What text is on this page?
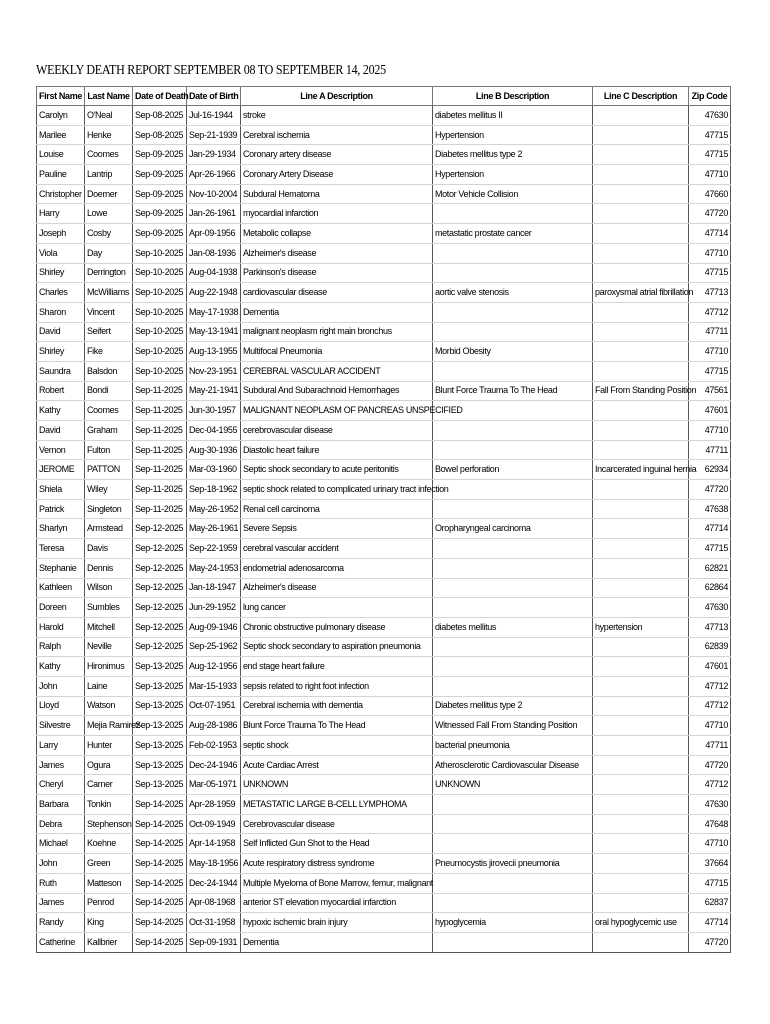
WEEKLY DEATH REPORT SEPTEMBER 08 TO SEPTEMBER 14, 2025
First Name	Last Name	Date of Death	Date of Birth	Line A Description	Line B Description	Line C Description	Zip Code
Carolyn	O'Neal	Sep-08-2025	Jul-16-1944	stroke	diabetes mellitus II		47630
Marilee	Henke	Sep-08-2025	Sep-21-1939	Cerebral ischemia	Hypertension		47715
Louise	Coomes	Sep-09-2025	Jan-29-1934	Coronary artery disease	Diabetes mellitus type 2		47715
Pauline	Lantrip	Sep-09-2025	Apr-26-1966	Coronary Artery Disease	Hypertension		47710
Christopher	Doerner	Sep-09-2025	Nov-10-2004	Subdural Hematoma	Motor Vehicle Collision		47660
Harry	Lowe	Sep-09-2025	Jan-26-1961	myocardial infarction			47720
Joseph	Cosby	Sep-09-2025	Apr-09-1956	Metabolic collapse	metastatic prostate cancer		47714
Viola	Day	Sep-10-2025	Jan-08-1936	Alzheimer's disease			47710
Shirley	Derrington	Sep-10-2025	Aug-04-1938	Parkinson's disease			47715
Charles	McWilliams	Sep-10-2025	Aug-22-1948	cardiovascular disease	aortic valve stenosis	paroxysmal atrial fibrillation	47713
Sharon	Vincent	Sep-10-2025	May-17-1938	Dementia			47712
David	Seifert	Sep-10-2025	May-13-1941	malignant neoplasm right main bronchus			47711
Shirley	Fike	Sep-10-2025	Aug-13-1955	Multifocal Pneumonia	Morbid Obesity		47710
Saundra	Balsdon	Sep-10-2025	Nov-23-1951	CEREBRAL VASCULAR ACCIDENT			47715
Robert	Bondi	Sep-11-2025	May-21-1941	Subdural And Subarachnoid Hemorrhages	Blunt Force Trauma To The Head	Fall From Standing Position	47561
Kathy	Coomes	Sep-11-2025	Jun-30-1957	MALIGNANT NEOPLASM OF PANCREAS UNSPECIFIED			47601
David	Graham	Sep-11-2025	Dec-04-1955	cerebrovascular disease			47710
Vernon	Fulton	Sep-11-2025	Aug-30-1936	Diastolic heart failure			47711
JEROME	PATTON	Sep-11-2025	Mar-03-1960	Septic shock secondary to acute peritonitis	Bowel perforation	Incarcerated inguinal hernia	62934
Shiela	Wiley	Sep-11-2025	Sep-18-1962	septic shock related to complicated urinary tract infection			47720
Patrick	Singleton	Sep-11-2025	May-26-1952	Renal cell carcinoma			47638
Sharlyn	Armstead	Sep-12-2025	May-26-1961	Severe Sepsis	Oropharyngeal carcinoma		47714
Teresa	Davis	Sep-12-2025	Sep-22-1959	cerebral vascular accident			47715
Stephanie	Dennis	Sep-12-2025	May-24-1953	endometrial adenosarcoma			62821
Kathleen	Wilson	Sep-12-2025	Jan-18-1947	Alzheimer's disease			62864
Doreen	Sumbles	Sep-12-2025	Jun-29-1952	lung cancer			47630
Harold	Mitchell	Sep-12-2025	Aug-09-1946	Chronic obstructive pulmonary disease	diabetes mellitus	hypertension	47713
Ralph	Neville	Sep-12-2025	Sep-25-1962	Septic shock secondary to aspiration pneumonia			62839
Kathy	Hironimus	Sep-13-2025	Aug-12-1956	end stage heart failure			47601
John	Laine	Sep-13-2025	Mar-15-1933	sepsis related to right foot infection			47712
Lloyd	Watson	Sep-13-2025	Oct-07-1951	Cerebral ischemia with dementia	Diabetes mellitus type 2		47712
Silvestre	Mejia Ramirez	Sep-13-2025	Aug-28-1986	Blunt Force Trauma To The Head	Witnessed Fall From Standing Position		47710
Larry	Hunter	Sep-13-2025	Feb-02-1953	septic shock	bacterial pneumonia		47711
James	Ogura	Sep-13-2025	Dec-24-1946	Acute Cardiac Arrest	Atherosclerotic Cardiovascular Disease		47720
Cheryl	Carner	Sep-13-2025	Mar-05-1971	UNKNOWN	UNKNOWN		47712
Barbara	Tonkin	Sep-14-2025	Apr-28-1959	METASTATIC LARGE B-CELL LYMPHOMA			47630
Debra	Stephenson	Sep-14-2025	Oct-09-1949	Cerebrovascular disease			47648
Michael	Koehne	Sep-14-2025	Apr-14-1958	Self Inflicted Gun Shot to the Head			47710
John	Green	Sep-14-2025	May-18-1956	Acute respiratory distress syndrome	Pneumocystis jirovecii pneumonia		37664
Ruth	Matteson	Sep-14-2025	Dec-24-1944	Multiple Myeloma of Bone Marrow, femur, malignant			47715
James	Penrod	Sep-14-2025	Apr-08-1968	anterior ST elevation myocardial infarction			62837
Randy	King	Sep-14-2025	Oct-31-1958	hypoxic ischemic brain injury	hypoglycemia	oral hypoglycemic use	47714
Catherine	Kallbrier	Sep-14-2025	Sep-09-1931	Dementia			47720
